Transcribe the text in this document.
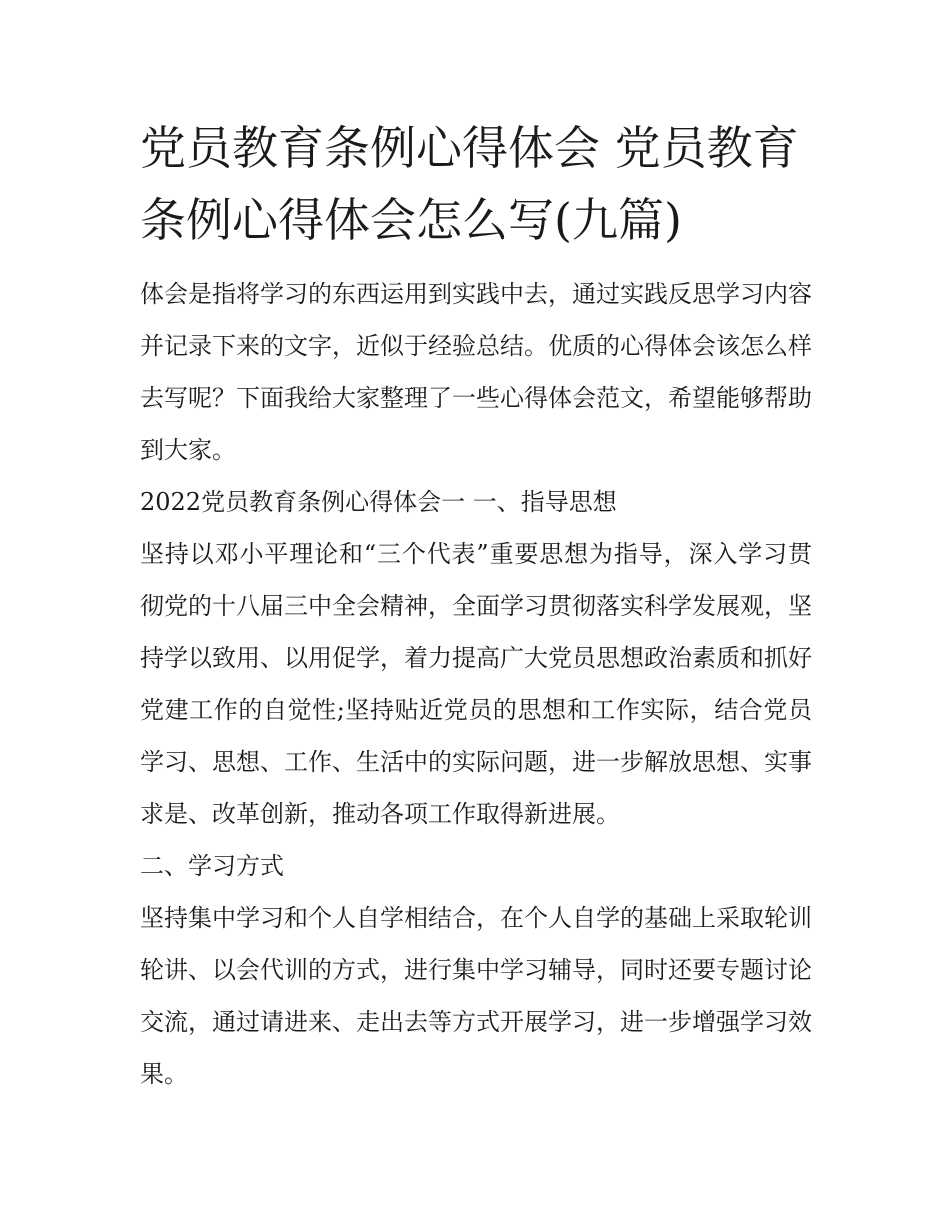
党员教育条例心得体会 党员教育条例心得体会怎么写(九篇)

体会是指将学习的东西运用到实践中去，通过实践反思学习内容并记录下来的文字，近似于经验总结。优质的心得体会该怎么样去写呢？下面我给大家整理了一些心得体会范文，希望能够帮助到大家。

2022党员教育条例心得体会一 一、指导思想

坚持以邓小平理论和“三个代表”重要思想为指导，深入学习贯彻党的十八届三中全会精神，全面学习贯彻落实科学发展观，坚持学以致用、以用促学，着力提高广大党员思想政治素质和抓好党建工作的自觉性;坚持贴近党员的思想和工作实际，结合党员学习、思想、工作、生活中的实际问题，进一步解放思想、实事求是、改革创新，推动各项工作取得新进展。

二、学习方式

坚持集中学习和个人自学相结合，在个人自学的基础上采取轮训轮讲、以会代训的方式，进行集中学习辅导，同时还要专题讨论交流，通过请进来、走出去等方式开展学习，进一步增强学习效果。
